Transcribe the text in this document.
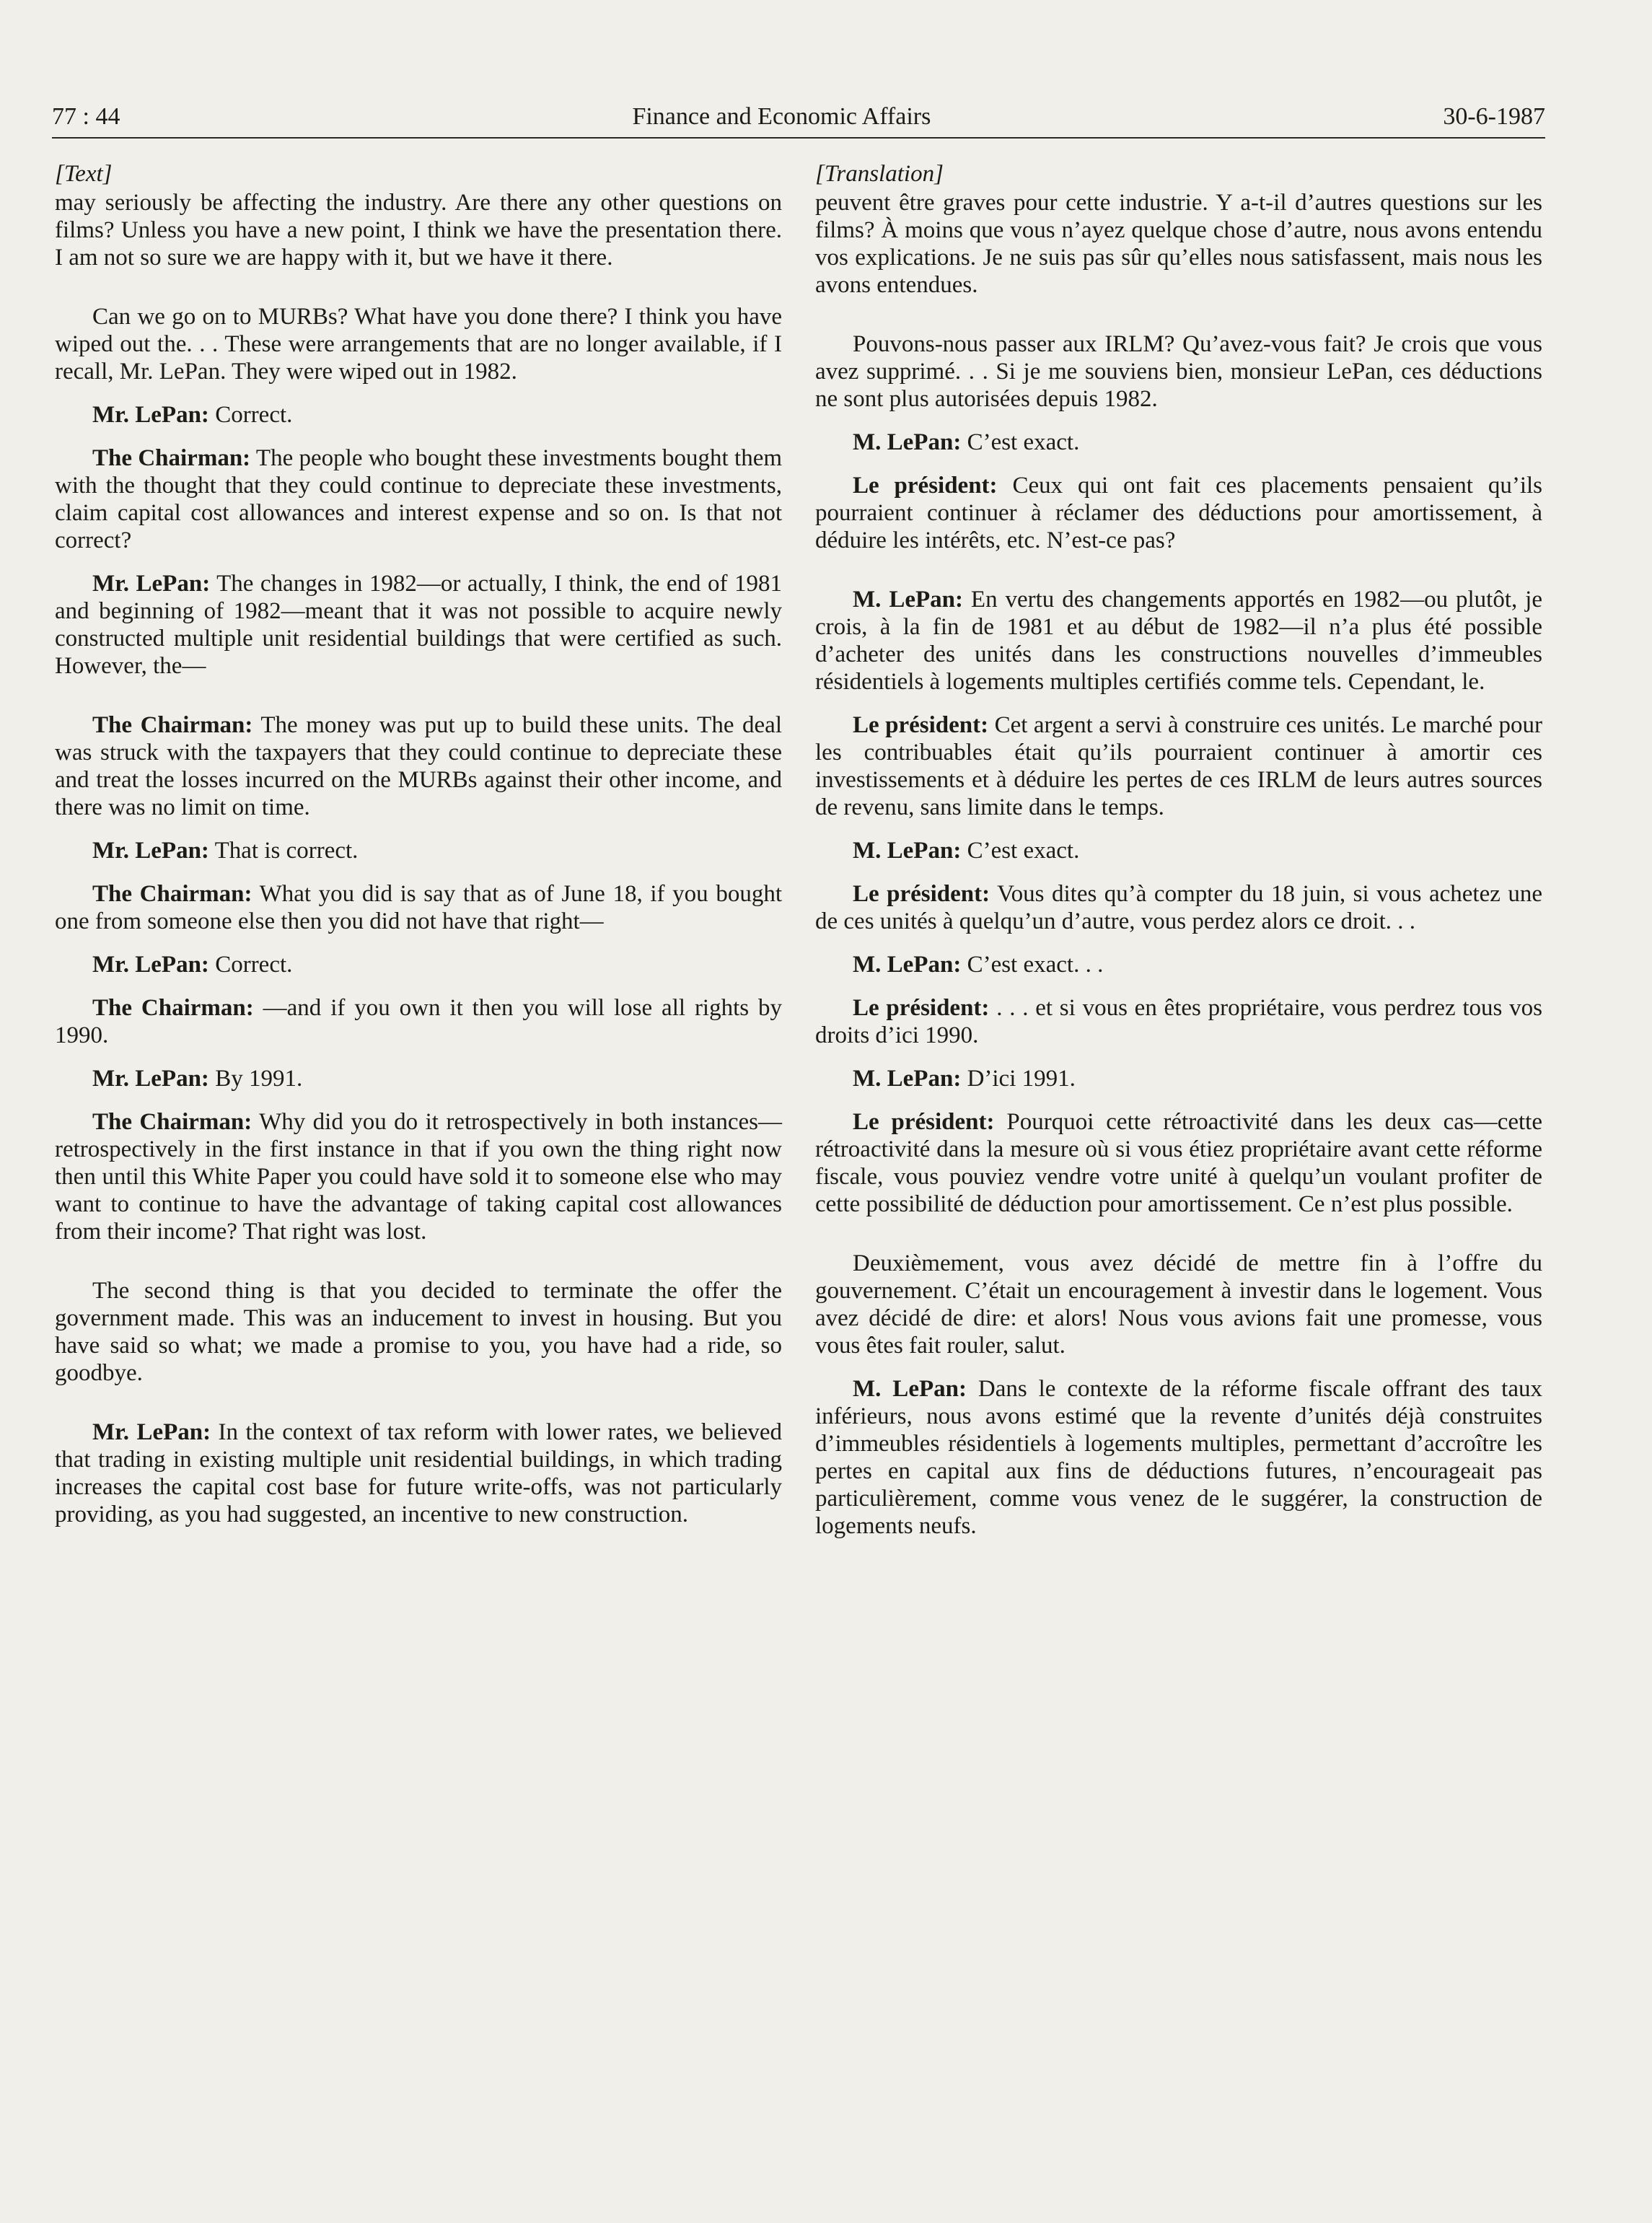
77 : 44	Finance and Economic Affairs	30-6-1987
[Text]

may seriously be affecting the industry. Are there any other questions on films? Unless you have a new point, I think we have the presentation there. I am not so sure we are happy with it, but we have it there.

Can we go on to MURBs? What have you done there? I think you have wiped out the. . . These were arrangements that are no longer available, if I recall, Mr. LePan. They were wiped out in 1982.

Mr. LePan: Correct.

The Chairman: The people who bought these investments bought them with the thought that they could continue to depreciate these investments, claim capital cost allowances and interest expense and so on. Is that not correct?

Mr. LePan: The changes in 1982—or actually, I think, the end of 1981 and beginning of 1982—meant that it was not possible to acquire newly constructed multiple unit residential buildings that were certified as such. However, the—

The Chairman: The money was put up to build these units. The deal was struck with the taxpayers that they could continue to depreciate these and treat the losses incurred on the MURBs against their other income, and there was no limit on time.

Mr. LePan: That is correct.

The Chairman: What you did is say that as of June 18, if you bought one from someone else then you did not have that right—

Mr. LePan: Correct.

The Chairman: —and if you own it then you will lose all rights by 1990.

Mr. LePan: By 1991.

The Chairman: Why did you do it retrospectively in both instances—retrospectively in the first instance in that if you own the thing right now then until this White Paper you could have sold it to someone else who may want to continue to have the advantage of taking capital cost allowances from their income? That right was lost.

The second thing is that you decided to terminate the offer the government made. This was an inducement to invest in housing. But you have said so what; we made a promise to you, you have had a ride, so goodbye.

Mr. LePan: In the context of tax reform with lower rates, we believed that trading in existing multiple unit residential buildings, in which trading increases the capital cost base for future write-offs, was not particularly providing, as you had suggested, an incentive to new construction.

[Translation]

peuvent être graves pour cette industrie. Y a-t-il d’autres questions sur les films? À moins que vous n’ayez quelque chose d’autre, nous avons entendu vos explications. Je ne suis pas sûr qu’elles nous satisfassent, mais nous les avons entendues.

Pouvons-nous passer aux IRLM? Qu’avez-vous fait? Je crois que vous avez supprimé. . . Si je me souviens bien, monsieur LePan, ces déductions ne sont plus autorisées depuis 1982.

M. LePan: C’est exact.

Le président: Ceux qui ont fait ces placements pensaient qu’ils pourraient continuer à réclamer des déductions pour amortissement, à déduire les intérêts, etc. N’est-ce pas?

M. LePan: En vertu des changements apportés en 1982—ou plutôt, je crois, à la fin de 1981 et au début de 1982—il n’a plus été possible d’acheter des unités dans les constructions nouvelles d’immeubles résidentiels à logements multiples certifiés comme tels. Cependant, le.

Le président: Cet argent a servi à construire ces unités. Le marché pour les contribuables était qu’ils pourraient continuer à amortir ces investissements et à déduire les pertes de ces IRLM de leurs autres sources de revenu, sans limite dans le temps.

M. LePan: C’est exact.

Le président: Vous dites qu’à compter du 18 juin, si vous achetez une de ces unités à quelqu’un d’autre, vous perdez alors ce droit. . .

M. LePan: C’est exact. . .

Le président: . . . et si vous en êtes propriétaire, vous perdrez tous vos droits d’ici 1990.

M. LePan: D’ici 1991.

Le président: Pourquoi cette rétroactivité dans les deux cas—cette rétroactivité dans la mesure où si vous étiez propriétaire avant cette réforme fiscale, vous pouviez vendre votre unité à quelqu’un voulant profiter de cette possibilité de déduction pour amortissement. Ce n’est plus possible.

Deuxièmement, vous avez décidé de mettre fin à l’offre du gouvernement. C’était un encouragement à investir dans le logement. Vous avez décidé de dire: et alors! Nous vous avions fait une promesse, vous vous êtes fait rouler, salut.

M. LePan: Dans le contexte de la réforme fiscale offrant des taux inférieurs, nous avons estimé que la revente d’unités déjà construites d’immeubles résidentiels à logements multiples, permettant d’accroître les pertes en capital aux fins de déductions futures, n’encourageait pas particulièrement, comme vous venez de le suggérer, la construction de logements neufs.
